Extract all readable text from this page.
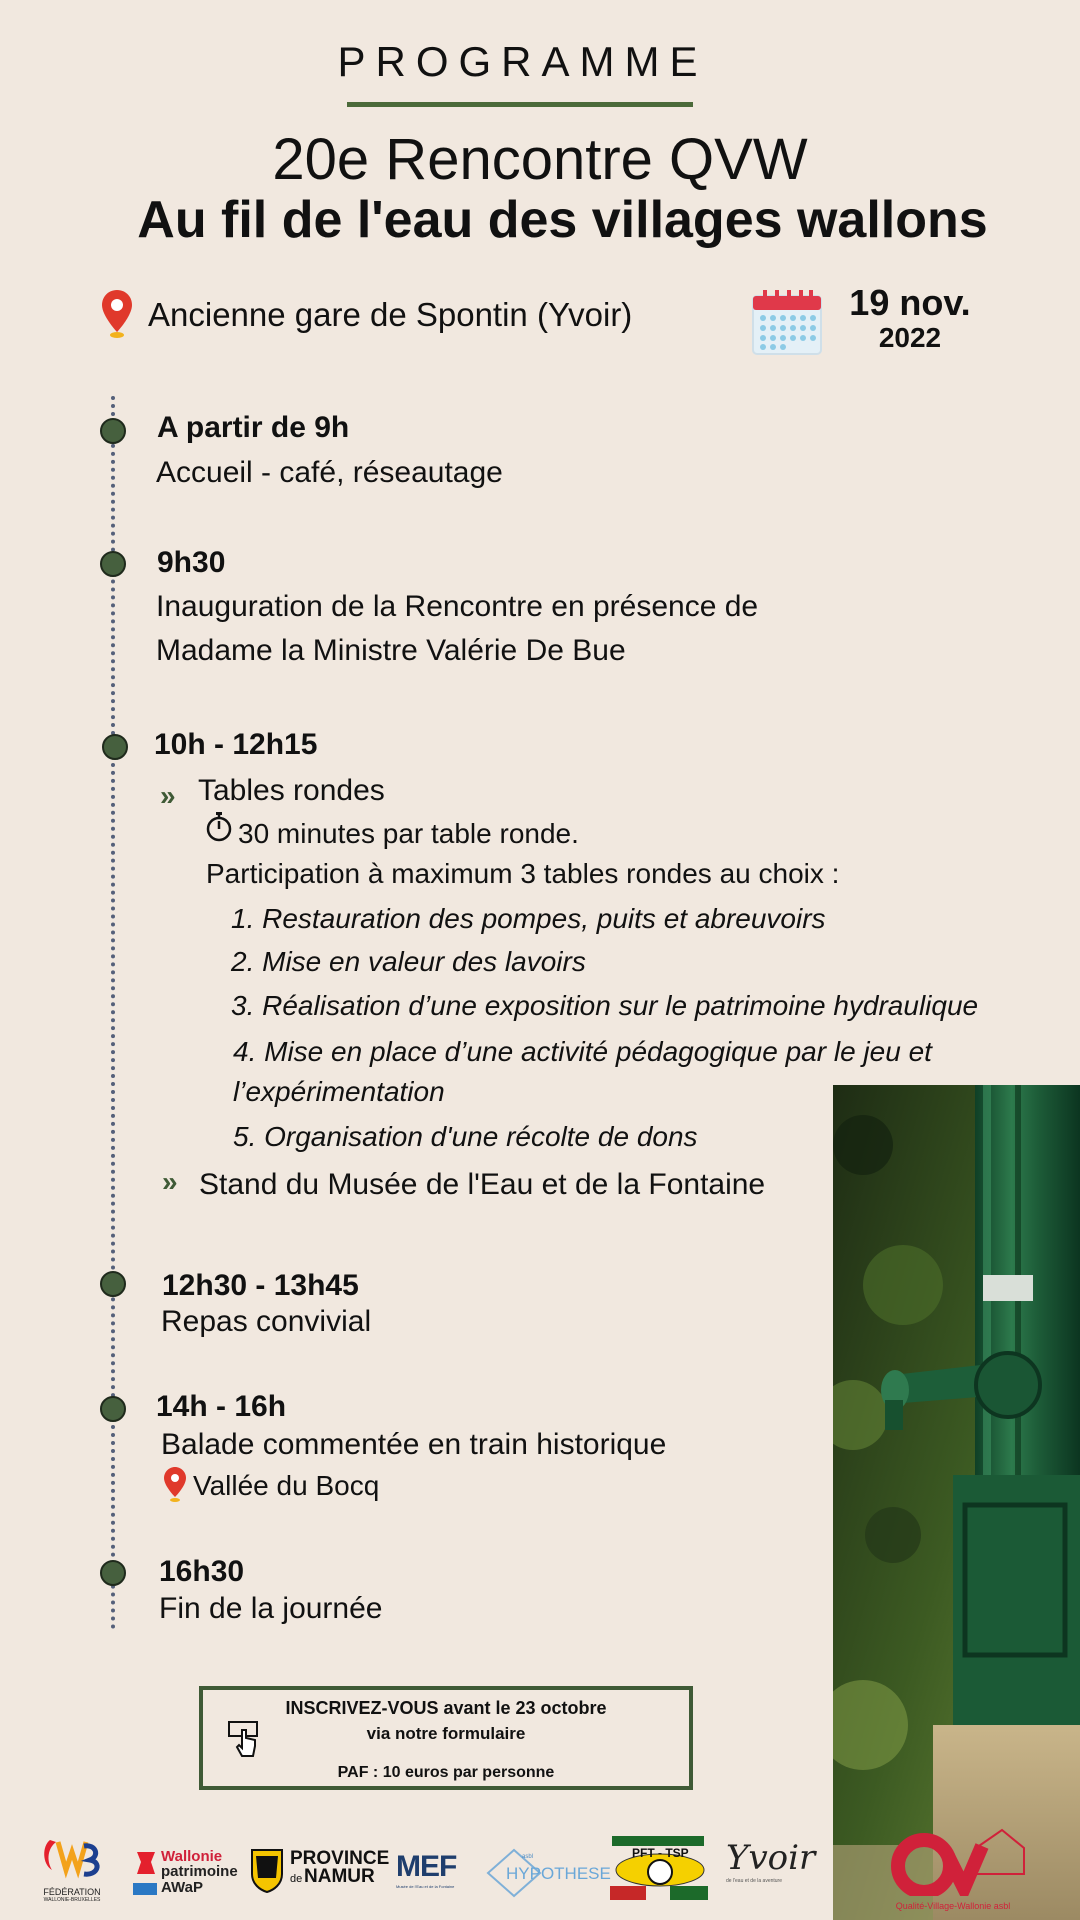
PROGRAMME
20e Rencontre QVW
Au fil de l'eau des villages wallons
Ancienne gare de Spontin (Yvoir)	19 nov.
2022
A partir de 9h
Accueil - café, réseautage
9h30
Inauguration de la Rencontre en présence de
Madame la Ministre Valérie De Bue
10h - 12h15
» Tables rondes
30 minutes par table ronde.
Participation à maximum 3 tables rondes au choix :
1. Restauration des pompes, puits et abreuvoirs
2. Mise en valeur des lavoirs
3. Réalisation d’une exposition sur le patrimoine hydraulique
4. Mise en place d’une activité pédagogique par le jeu et
l’expérimentation
5. Organisation d'une récolte de dons
» Stand du Musée de l'Eau et de la Fontaine
12h30 - 13h45
Repas convivial
14h - 16h
Balade commentée en train historique
Vallée du Bocq
16h30
Fin de la journée
INSCRIVEZ-VOUS avant le 23 octobre
via notre formulaire
PAF : 10 euros par personne
FÉDÉRATION
WALLONIE-BRUXELLES
Wallonie
patrimoine
AWaP
PROVINCE
de NAMUR MEF
Musée de l'Eau et de la Fontaine
asbl
HYPOTHESE
PFT - TSP Yvoir
de l'eau et de la aventure
Qualité-Village-Wallonie asbl
